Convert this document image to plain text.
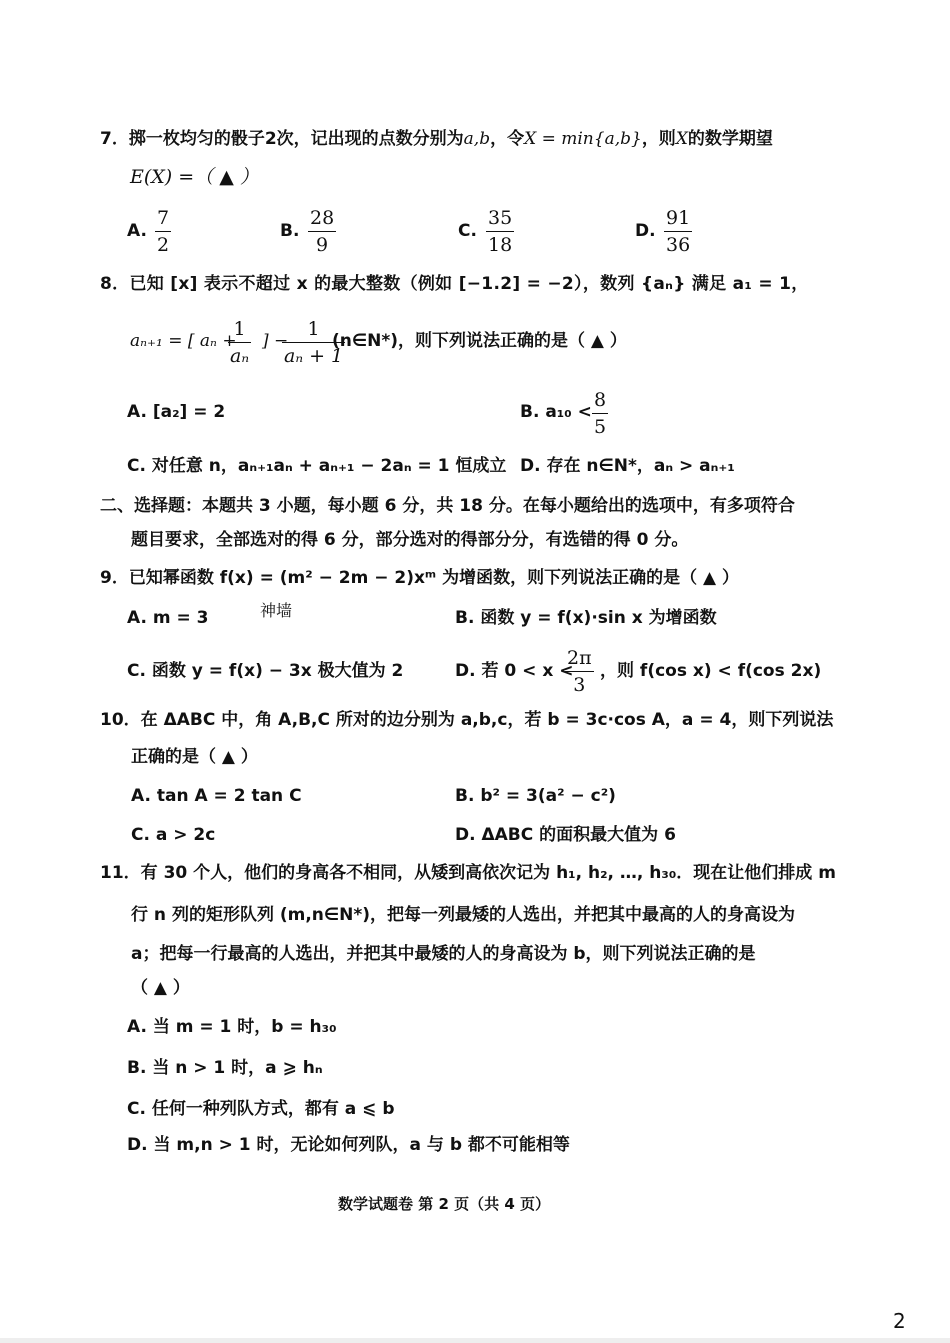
7．掷一枚均匀的骰子2次，记出现的点数分别为a,b，令X = min{a,b}，则X的数学期望
E(X) =（ ▲ ）
A. $\frac{7}{2}$	B. $\frac{28}{9}$	C. $\frac{35}{18}$	D. $\frac{91}{36}$
8．已知 [x] 表示不超过 x 的最大整数（例如 [−1.2] = −2），数列 {aₙ} 满足 a₁ = 1，
aₙ₊₁ = [ aₙ +
$\frac{1}{\text{aₙ}}$ ] −
$\frac{1}{\text{aₙ + 1}}$
(n∈N*)，则下列说法正确的是（ ▲ ）
A. [a₂] = 2	B. $a_{10} < \frac{8}{5}$
C. 对任意 n，aₙ₊₁aₙ + aₙ₊₁ − 2aₙ = 1 恒成立 D. 存在 n∈N*，aₙ > aₙ₊₁
二、选择题：本题共 3 小题，每小题 6 分，共 18 分。在每小题给出的选项中，有多项符合
题目要求，全部选对的得 6 分，部分选对的得部分分，有选错的得 0 分。
9．已知幂函数 f(x) = (m² − 2m − 2)xᵐ 为增函数，则下列说法正确的是（ ▲ ）
A. m = 3	神墙	B. 函数 y = f(x)·sin x 为增函数
C. 函数 y = f(x) − 3x 极大值为 2	D. 若 0 < x <
$\frac{2\pi}{3}$ ，则 f(cos x) < f(cos 2x)
10．在 ΔABC 中，角 A,B,C 所对的边分别为 a,b,c，若 b = 3c·cos A，a = 4，则下列说法
正确的是（ ▲ ）
A. tan A = 2 tan C	B. b² = 3(a² − c²)
C. a > 2c	D. ΔABC 的面积最大值为 6
11．有 30 个人，他们的身高各不相同，从矮到高依次记为 h₁, h₂, …, h₃₀．现在让他们排成 m
行 n 列的矩形队列 (m,n∈N*)，把每一列最矮的人选出，并把其中最高的人的身高设为
a；把每一行最高的人选出，并把其中最矮的人的身高设为 b，则下列说法正确的是
（ ▲ ）
A. 当 m = 1 时，b = h₃₀
B. 当 n > 1 时，a ⩾ hₙ
C. 任何一种列队方式，都有 a ⩽ b
D. 当 m,n > 1 时，无论如何列队，a 与 b 都不可能相等
数学试题卷 第 2 页（共 4 页）
2
